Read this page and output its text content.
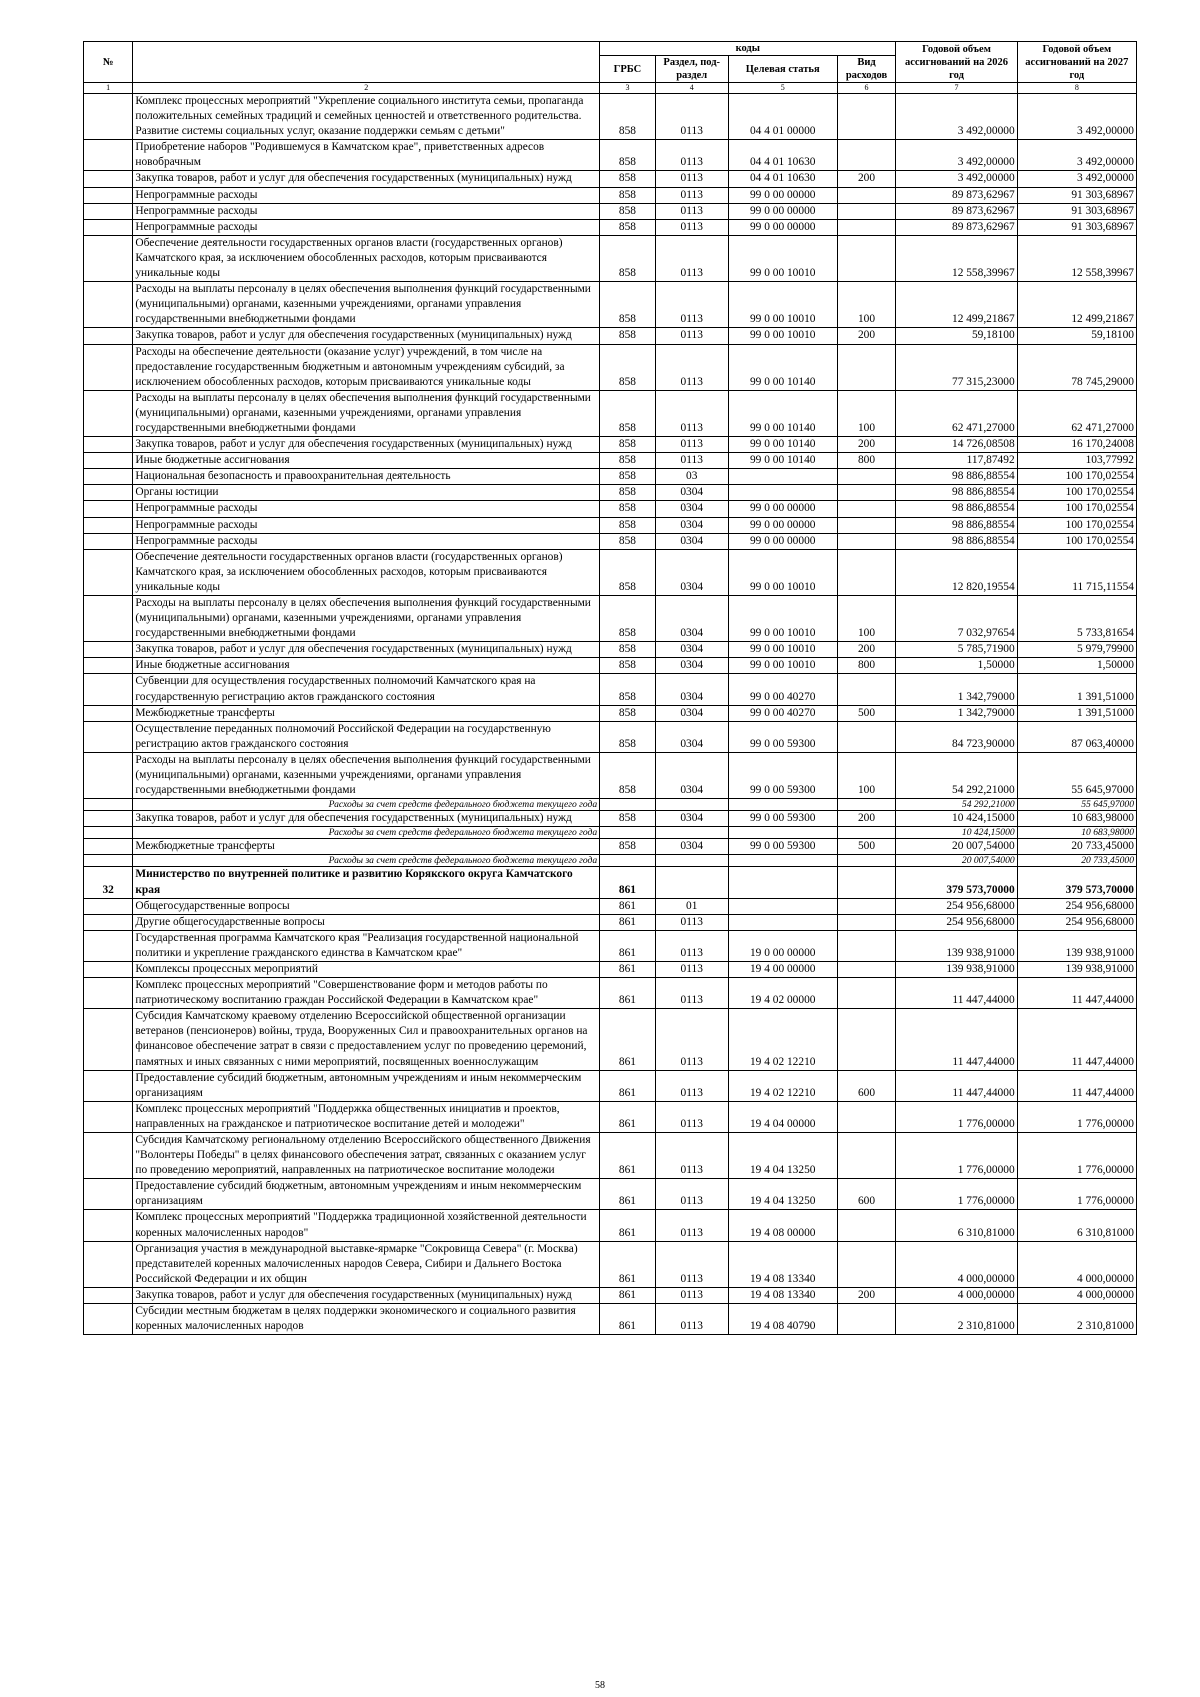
№		коды				Годовой объем ассигнований на 2026 год	Годовой объем ассигнований на 2027 год
		ГРБС	Раздел, под-раздел	Целевая статья	Вид расходов		
1	2	3	4	5	6	7	8
	Комплекс процессных мероприятий "Укрепление социального института семьи, пропаганда положительных семейных традиций и семейных ценностей и ответственного родительства. Развитие системы социальных услуг, оказание поддержки семьям с детьми"	858	0113	04 4 01 00000		3 492,00000	3 492,00000
	Приобретение наборов "Родившемуся в Камчатском крае", приветственных адресов новобрачным	858	0113	04 4 01 10630		3 492,00000	3 492,00000
	Закупка товаров, работ и услуг для обеспечения государственных (муниципальных) нужд	858	0113	04 4 01 10630	200	3 492,00000	3 492,00000
	Непрограммные расходы	858	0113	99 0 00 00000		89 873,62967	91 303,68967
	Непрограммные расходы	858	0113	99 0 00 00000		89 873,62967	91 303,68967
	Непрограммные расходы	858	0113	99 0 00 00000		89 873,62967	91 303,68967
	Обеспечение деятельности государственных органов власти (государственных органов) Камчатского края, за исключением обособленных расходов, которым присваиваются уникальные коды	858	0113	99 0 00 10010		12 558,39967	12 558,39967
	Расходы на выплаты персоналу в целях обеспечения выполнения функций государственными (муниципальными) органами, казенными учреждениями, органами управления государственными внебюджетными фондами	858	0113	99 0 00 10010	100	12 499,21867	12 499,21867
	Закупка товаров, работ и услуг для обеспечения государственных (муниципальных) нужд	858	0113	99 0 00 10010	200	59,18100	59,18100
	Расходы на обеспечение деятельности (оказание услуг) учреждений, в том числе на предоставление государственным бюджетным и автономным учреждениям субсидий, за исключением обособленных расходов, которым присваиваются уникальные коды	858	0113	99 0 00 10140		77 315,23000	78 745,29000
	Расходы на выплаты персоналу в целях обеспечения выполнения функций государственными (муниципальными) органами, казенными учреждениями, органами управления государственными внебюджетными фондами	858	0113	99 0 00 10140	100	62 471,27000	62 471,27000
	Закупка товаров, работ и услуг для обеспечения государственных (муниципальных) нужд	858	0113	99 0 00 10140	200	14 726,08508	16 170,24008
	Иные бюджетные ассигнования	858	0113	99 0 00 10140	800	117,87492	103,77992
	Национальная безопасность и правоохранительная деятельность	858	03			98 886,88554	100 170,02554
	Органы юстиции	858	0304			98 886,88554	100 170,02554
	Непрограммные расходы	858	0304	99 0 00 00000		98 886,88554	100 170,02554
	Непрограммные расходы	858	0304	99 0 00 00000		98 886,88554	100 170,02554
	Непрограммные расходы	858	0304	99 0 00 00000		98 886,88554	100 170,02554
	Обеспечение деятельности государственных органов власти (государственных органов) Камчатского края, за исключением обособленных расходов, которым присваиваются уникальные коды	858	0304	99 0 00 10010		12 820,19554	11 715,11554
	Расходы на выплаты персоналу в целях обеспечения выполнения функций государственными (муниципальными) органами, казенными учреждениями, органами управления государственными внебюджетными фондами	858	0304	99 0 00 10010	100	7 032,97654	5 733,81654
	Закупка товаров, работ и услуг для обеспечения государственных (муниципальных) нужд	858	0304	99 0 00 10010	200	5 785,71900	5 979,79900
	Иные бюджетные ассигнования	858	0304	99 0 00 10010	800	1,50000	1,50000
	Субвенции для осуществления государственных полномочий Камчатского края на государственную регистрацию актов гражданского состояния	858	0304	99 0 00 40270		1 342,79000	1 391,51000
	Межбюджетные трансферты	858	0304	99 0 00 40270	500	1 342,79000	1 391,51000
	Осуществление переданных полномочий Российской Федерации на государственную регистрацию актов гражданского состояния	858	0304	99 0 00 59300		84 723,90000	87 063,40000
	Расходы на выплаты персоналу в целях обеспечения выполнения функций государственными (муниципальными) органами, казенными учреждениями, органами управления государственными внебюджетными фондами	858	0304	99 0 00 59300	100	54 292,21000	55 645,97000
	Расходы за счет средств федерального бюджета текущего года					54 292,21000	55 645,97000
	Закупка товаров, работ и услуг для обеспечения государственных (муниципальных) нужд	858	0304	99 0 00 59300	200	10 424,15000	10 683,98000
	Расходы за счет средств федерального бюджета текущего года					10 424,15000	10 683,98000
	Межбюджетные трансферты	858	0304	99 0 00 59300	500	20 007,54000	20 733,45000
	Расходы за счет средств федерального бюджета текущего года					20 007,54000	20 733,45000
32	Министерство по внутренней политике и развитию Корякского округа Камчатского края	861				379 573,70000	379 573,70000
	Общегосударственные вопросы	861	01			254 956,68000	254 956,68000
	Другие общегосударственные вопросы	861	0113			254 956,68000	254 956,68000
	Государственная программа Камчатского края "Реализация государственной национальной политики и укрепление гражданского единства в Камчатском крае"	861	0113	19 0 00 00000		139 938,91000	139 938,91000
	Комплексы процессных мероприятий	861	0113	19 4 00 00000		139 938,91000	139 938,91000
	Комплекс процессных мероприятий "Совершенствование форм и методов работы по патриотическому воспитанию граждан Российской Федерации в Камчатском крае"	861	0113	19 4 02 00000		11 447,44000	11 447,44000
	Субсидия Камчатскому краевому отделению Всероссийской общественной организации ветеранов (пенсионеров) войны, труда, Вооруженных Сил и правоохранительных органов на финансовое обеспечение затрат в связи с предоставлением услуг по проведению церемоний, памятных и иных связанных с ними мероприятий, посвященных военнослужащим	861	0113	19 4 02 12210		11 447,44000	11 447,44000
	Предоставление субсидий бюджетным, автономным учреждениям и иным некоммерческим организациям	861	0113	19 4 02 12210	600	11 447,44000	11 447,44000
	Комплекс процессных мероприятий "Поддержка общественных инициатив и проектов, направленных на гражданское и патриотическое воспитание детей и молодежи"	861	0113	19 4 04 00000		1 776,00000	1 776,00000
	Субсидия Камчатскому региональному отделению Всероссийского общественного Движения "Волонтеры Победы" в целях финансового обеспечения затрат, связанных с оказанием услуг по проведению мероприятий, направленных на патриотическое воспитание молодежи	861	0113	19 4 04 13250		1 776,00000	1 776,00000
	Предоставление субсидий бюджетным, автономным учреждениям и иным некоммерческим организациям	861	0113	19 4 04 13250	600	1 776,00000	1 776,00000
	Комплекс процессных мероприятий "Поддержка традиционной хозяйственной деятельности коренных малочисленных народов"	861	0113	19 4 08 00000		6 310,81000	6 310,81000
	Организация участия в международной выставке-ярмарке "Сокровища Севера" (г. Москва) представителей коренных малочисленных народов Севера, Сибири и Дальнего Востока Российской Федерации и их общин	861	0113	19 4 08 13340		4 000,00000	4 000,00000
	Закупка товаров, работ и услуг для обеспечения государственных (муниципальных) нужд	861	0113	19 4 08 13340	200	4 000,00000	4 000,00000
	Субсидии местным бюджетам в целях поддержки экономического и социального развития коренных малочисленных народов	861	0113	19 4 08 40790		2 310,81000	2 310,81000
58
